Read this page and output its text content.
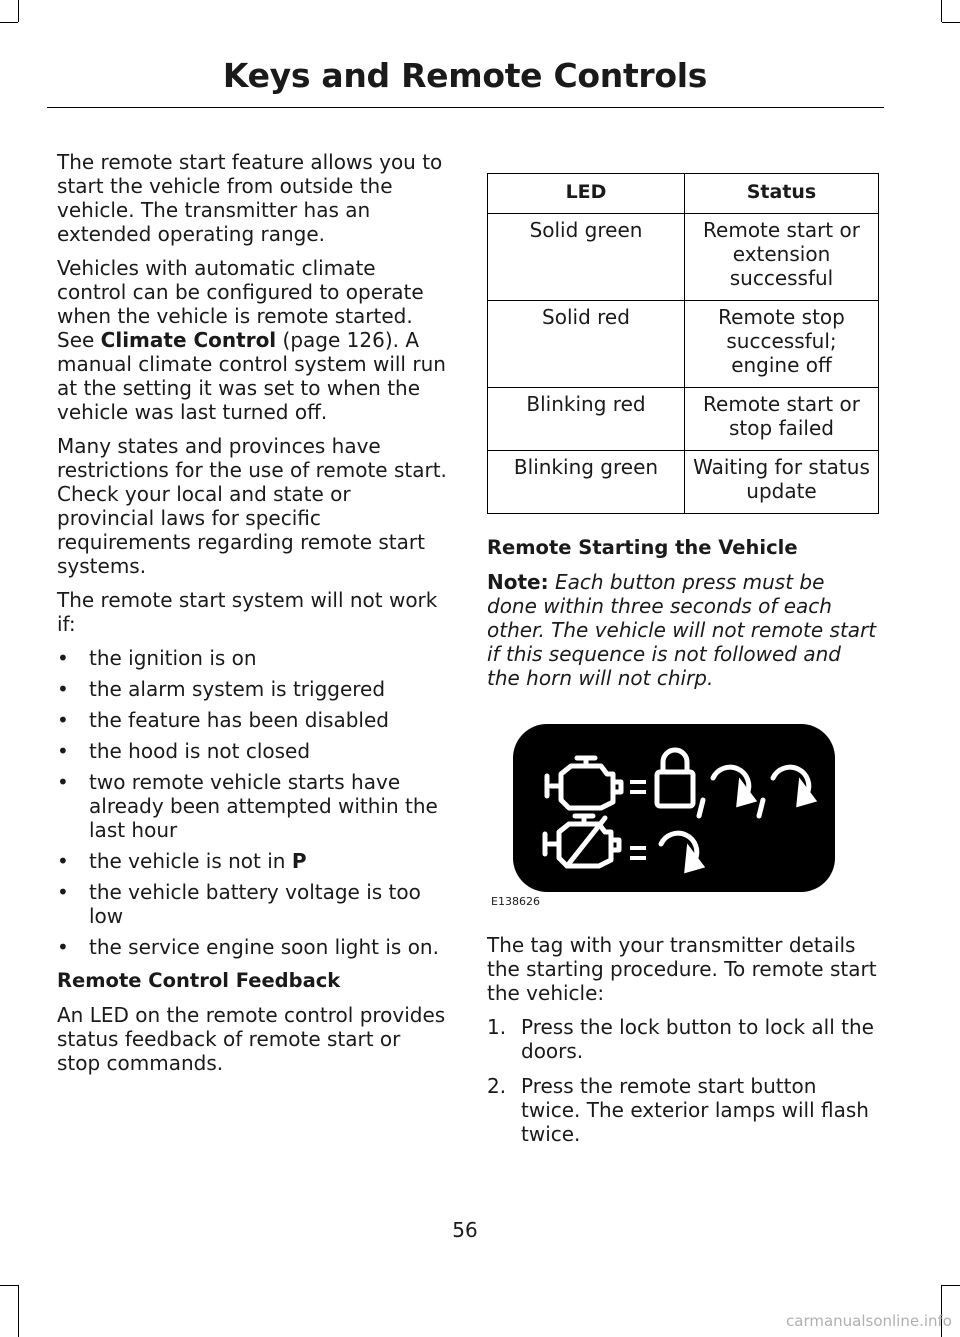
Keys and Remote Controls

The remote start feature allows you to start the vehicle from outside the vehicle. The transmitter has an extended operating range.

Vehicles with automatic climate control can be configured to operate when the vehicle is remote started. See Climate Control (page 126). A manual climate control system will run at the setting it was set to when the vehicle was last turned off.

Many states and provinces have restrictions for the use of remote start. Check your local and state or provincial laws for specific requirements regarding remote start systems.

The remote start system will not work if:

• the ignition is on
• the alarm system is triggered
• the feature has been disabled
• the hood is not closed
• two remote vehicle starts have already been attempted within the last hour
• the vehicle is not in P
• the vehicle battery voltage is too low
• the service engine soon light is on.

Remote Control Feedback

An LED on the remote control provides status feedback of remote start or stop commands.

LED	Status
Solid green	Remote start or extension successful
Solid red	Remote stop successful; engine off
Blinking red	Remote start or stop failed
Blinking green	Waiting for status update

Remote Starting the Vehicle

Note: Each button press must be done within three seconds of each other. The vehicle will not remote start if this sequence is not followed and the horn will not chirp.

E138626

The tag with your transmitter details the starting procedure. To remote start the vehicle:

1. Press the lock button to lock all the doors.
2. Press the remote start button twice. The exterior lamps will flash twice.
56
carmanualsonline.info
